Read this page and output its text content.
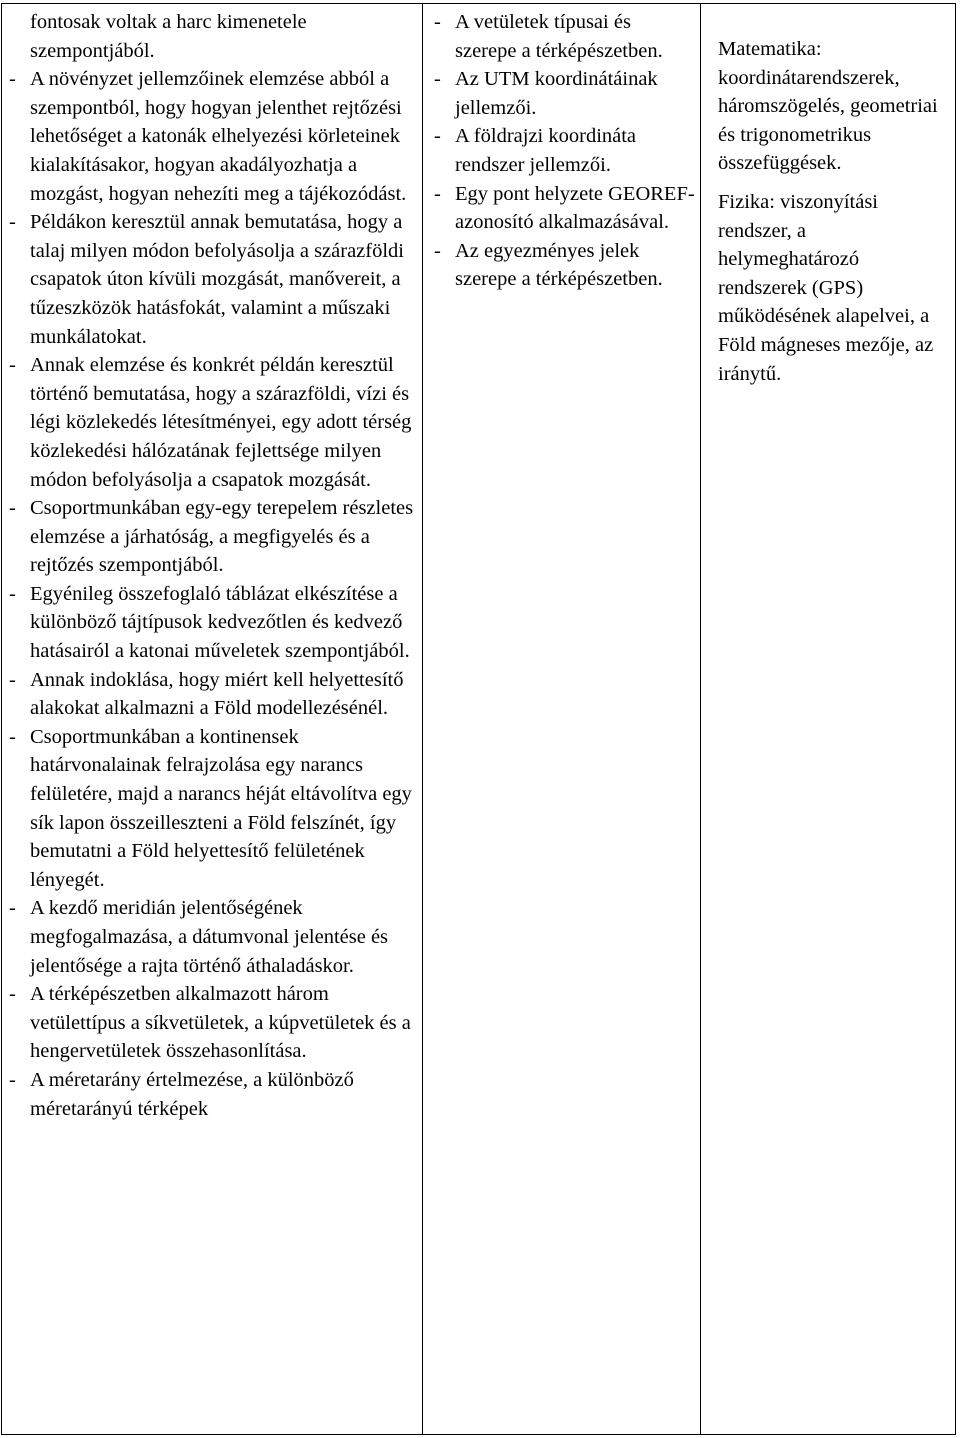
fontosak voltak a harc kimenetele szempontjából.

- A növényzet jellemzőinek elemzése abból a szempontból, hogy hogyan jelenthet rejtőzési lehetőséget a katonák elhelyezési körleteinek kialakításakor, hogyan akadályozhatja a mozgást, hogyan nehezíti meg a tájékozódást.
- Példákon keresztül annak bemutatása, hogy a talaj milyen módon befolyásolja a szárazföldi csapatok úton kívüli mozgását, manővereit, a tűzeszközök hatásfokát, valamint a műszaki munkálatokat.
- Annak elemzése és konkrét példán keresztül történő bemutatása, hogy a szárazföldi, vízi és légi közlekedés létesítményei, egy adott térség közlekedési hálózatának fejlettsége milyen módon befolyásolja a csapatok mozgását.
- Csoportmunkában egy-egy terepelem részletes elemzése a járhatóság, a megfigyelés és a rejtőzés szempontjából.
- Egyénileg összefoglaló táblázat elkészítése a különböző tájtípusok kedvezőtlen és kedvező hatásairól a katonai műveletek szempontjából.
- Annak indoklása, hogy miért kell helyettesítő alakokat alkalmazni a Föld modellezésénél.
- Csoportmunkában a kontinensek határvonalainak felrajzolása egy narancs felületére, majd a narancs héját eltávolítva egy sík lapon összeilleszteni a Föld felszínét, így bemutatni a Föld helyettesítő felületének lényegét.
- A kezdő meridián jelentőségének megfogalmazása, a dátumvonal jelentése és jelentősége a rajta történő áthaladáskor.
- A térképészetben alkalmazott három vetülettípus a síkvetületek, a kúpvetületek és a hengervetületek összehasonlítása.
- A méretarány értelmezése, a különböző méretarányú térképek
- A vetületek típusai és szerepe a térképészetben.
- Az UTM koordinátáinak jellemzői.
- A földrajzi koordináta rendszer jellemzői.
- Egy pont helyzete GEOREF-azonosító alkalmazásával.
- Az egyezményes jelek szerepe a térképészetben.

Matematika: koordinátarendszerek, háromszögelés, geometriai és trigonometrikus összefüggések.

Fizika: viszonyítási rendszer, a helymeghatározó rendszerek (GPS) működésének alapelvei, a Föld mágneses mezője, az iránytű.
